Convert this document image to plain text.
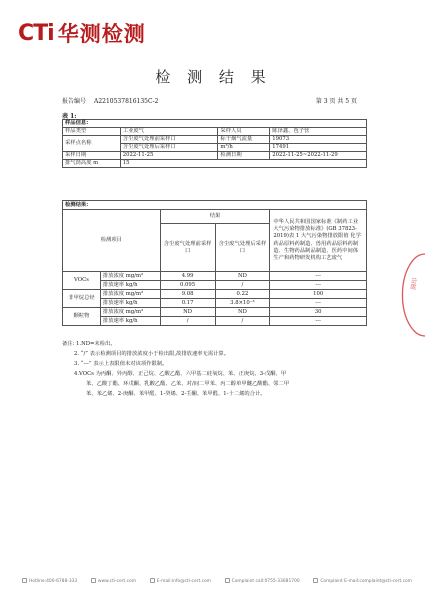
CTi 华测检测
检 测 结 果
报告编号 A2210537816135C-2	第 3 页 共 5 页
表 1:
样品信息:			
样品类型	工业废气	采样人员	陈泽鑫、苞子营
采样点名称	含尘废气处理前采样口	标干烟气流量	19073
	含尘废气处理后采样口	m³/h	17491
采样日期	2022-11-25	检测日期	2022-11-25~2022-11-29
排气筒高度 m	15		
检测结果:				
检测项目		结果		中华人民共和国国家标准《制药工业大气污染物排放标准》(GB 37823-2019)表 1 大气污染物排放限值 化学药品原料药制造、兽用药品原料药制造、生物药品制品制造、医药中间体生产和药物研发机构工艺废气
		含尘废气处理前采样口	含尘废气处理后采样口	
VOCs	排放浓度 mg/m³	4.99	ND	---
	排放速率 kg/h	0.095	/	---
非甲烷总烃	排放浓度 mg/m³	9.08	0.22	100
	排放速率 kg/h	0.17	3.8×10⁻³	---
颗粒物	排放浓度 mg/m³	ND	ND	30
	排放速率 kg/h	/	/	---
备注: 1.ND=未检出。
2. “/” 表示检测项目的排放浓度小于检出限,故排放速率无需计算。
3. “---” 表示上表限值未对该项作限制。
4.VOCs 为丙酮、异丙醇、正己烷、乙酸乙酯、六甲基二硅氧烷、苯、正庚烷、3-戊酮、甲
苯、乙酸丁酯、环戊酮、乳酸乙酯、乙苯、对/间二甲苯、丙二醇单甲醚乙酸酯、邻二甲
苯、苯乙烯、2-庚酮、苯甲醛、1-癸烯、2-壬酮、苯甲醛、1-十二烯的合计。
圆印
Hotline:400-6788-333	www.cti-cert.com	E-mail:info@cti-cert.com	Complaint call:0755-33681700	Complaint E-mail:complaint@cti-cert.com
